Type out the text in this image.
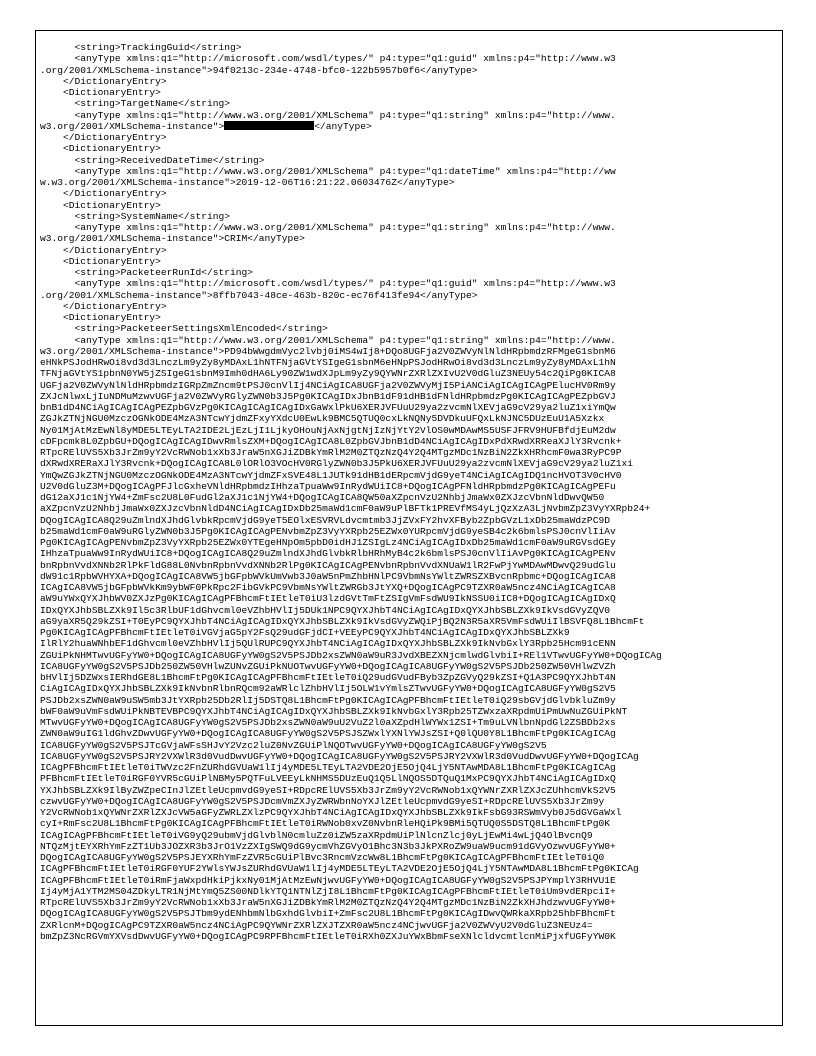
<string>TrackingGuid</string>
<anyType xmlns:q1="http://microsoft.com/wsdl/types/" p4:type="q1:guid" xmlns:p4="http://www.w3
.org/2001/XMLSchema-instance">94f0213c-234e-4748-bfc0-122b5957b0f6</anyType>
</DictionaryEntry>
<DictionaryEntry>
<string>TargetName</string>
<anyType xmlns:q1="http://www.w3.org/2001/XMLSchema" p4:type="q1:string" xmlns:p4="http://www.
w3.org/2001/XMLSchema-instance">	</anyType>
</DictionaryEntry>
<DictionaryEntry>
<string>ReceivedDateTime</string>
<anyType xmlns:q1="http://www.w3.org/2001/XMLSchema" p4:type="q1:dateTime" xmlns:p4="http://ww
w.w3.org/2001/XMLSchema-instance">2019-12-06T16:21:22.0603476Z</anyType>
</DictionaryEntry>
<DictionaryEntry>
<string>SystemName</string>
<anyType xmlns:q1="http://www.w3.org/2001/XMLSchema" p4:type="q1:string" xmlns:p4="http://www.
w3.org/2001/XMLSchema-instance">CRIM</anyType>
</DictionaryEntry>
<DictionaryEntry>
<string>PacketeerRunId</string>
<anyType xmlns:q1="http://microsoft.com/wsdl/types/" p4:type="q1:guid" xmlns:p4="http://www.w3
.org/2001/XMLSchema-instance">8ffb7043-48ce-463b-820c-ec76f413fe94</anyType>
</DictionaryEntry>
<DictionaryEntry>
<string>PacketeerSettingsXmlEncoded</string>
<anyType xmlns:q1="http://www.w3.org/2001/XMLSchema" p4:type="q1:string" xmlns:p4="http://www.
w3.org/2001/XMLSchema-instance">PD94bWwgdmVyc2lvbj0iMS4wIj8+DQo8UGFja2V0ZWVyNlNldHRpbmdzRFMgeG1sbnM6
eHNkPSJodHRwOi8vd3d3LnczLm9yZy8yMDAxL1hNTFNjaGVtYSIgeG1sbnM6eHNpPSJodHRwOi8vd3d3LnczLm9yZy8yMDAxL1hN
TFNjaGVtYS1pbnN0YW5jZSIgeG1sbnM9Imh0dHA6Ly90ZW1wdXJpLm9yZy9QYWNrZXRlZXIvU2V0dGluZ3NEUy54c2QiPg0KICA8
UGFja2V0ZWVyNlNldHRpbmdzIGRpZmZncm9tPSJ0cnVlIj4NCiAgICA8UGFja2V0ZWVyMjI5PiANCiAgICAgICAgPElucHV0Rm9y
ZXJcNlwxLjIuNDMuMzwvUGFja2V0ZWVyRGlyZWN0b3J5Pg0KICAgIDxJbnB1dF91dHB1dFNldHRpbmdzPg0KICAgICAgPEZpbGVJ
bnB1dD4NCiAgICAgICAgPEZpbGVzPg0KICAgICAgICAgIDxGaWxlPkU6XERJVFUuU29ya2zvcmNlXEVjaG9cV29ya2luZ1xiYmQw
ZGJkZTNjNGU0MzczOGNkODE4MzA3NTcwYjdmZFxyYXdcU0EwLk9BMC5QTUQ0cxLkNQNy5DVDkuUFQxLkNJNC5DUzEuU1A5Xzkx
Ny01MjAtMzEwNl8yMDE5LTEyLTA2IDE2LjEzLjI1LjkyOHouNjAxNjgtNjIzNjYtY2VlOS0wMDAwMS5USFJFRV9HUFBfdjEuM2dw
cDFpcmk8L0ZpbGU+DQogICAgICAgIDwvRmlsZXM+DQogICAgICA8L0ZpbGVJbnB1dD4NCiAgICAgIDxPdXRwdXRReaXJlY3Rvcnk+
RTpcRElUVS5Xb3JrZm9yY2VcRWNob1xXb3JraW5nXGJiZDBkYmRlM2M0ZTQzNzQ4Y2Q4MTgzMDc1NzBiN2ZkXHRhcmF0wa3RyPC9P
dXRwdXRERaXJlY3Rvcnk+DQogICAgICA8L0lORlO3VOcHV0RGlyZWN0b3J5PkU6XERJVFUuU29ya2zvcmNlXEVjaG9cV29ya2luZ1xi
YmQwZGJkZTNjNGU0MzczOGNkODE4MzA3NTcwYjdmZFxSVE48L1JUTk91dHB1dERpcmVjdG9yeT4NCiAgICAgIDQ1ncHVOT3V0cHV0
U2V0dGluZ3M+DQogICAgPFJlcGxheVNldHRpbmdzIHhzaTpuaWw9InRydWUiIC8+DQogICAgPFNldHRpbmdzPg0KICAgICAgPEFu
dG12aXJ1c1NjYW4+ZmFsc2U8L0FudGl2aXJ1c1NjYW4+DQogICAgICA8QW50aXZpcnVzU2NhbjJmaWx0ZXJzcVbnNldDwvQW50
aXZpcnVzU2NhbjJmaWx0ZXJzcVbnNldD4NCiAgICAgIDxDb25maWd1cmF0aW9uPlBFTk1PREVfMS4yLjQzXzA3LjNvbmZpZ3VyYXRpb24+
DQogICAgICA8Q29uZmlndXJhdGlvbkRpcmVjdG9yeT5EOlxESVRVLdvcmtmb3JjZVxFY2hvXFByb2ZpbGVzL1xDb25maWdzPC9D
b25maWd1cmF0aW9uRGlyZWN0b3J5Pg0KICAgICAgPENvbmZpZ3VyYXRpb25EZWx0YURpcmVjdG9yeSB4c2k6bmlsPSJ0cnVlIiAv
Pg0KICAgICAgPENvbmZpZ3VyYXRpb25EZWx0YTEgeHNpOm5pbD0idHJ1ZSIgLz4NCiAgICAgIDxDb25maWd1cmF0aW9uRGVsdGEy
IHhzaTpuaWw9InRydWUiIC8+DQogICAgICA8Q29uZmlndXJhdGlvbkRlbHRhMyB4c2k6bmlsPSJ0cnVlIiAvPg0KICAgICAgPENv
bnRpbnVvdXNNb2RlPkFldG88L0NvbnRpbnVvdXNNb2RlPg0KICAgICAgPENvbnRpbnVvdXNUaW1lR2FwPjYwMDAwMDwvQ29udGlu
dW91c1RpbWVHYXA+DQogICAgICA8VW5jbGFpbWVkUmVwb3J0aW5nPmZhbHNlPC9VbmNsYWltZWRSZXBvcnRpbmc+DQogICAgICA8
ICAgICA8VW5jbGFpbWVkKm9ybWF0PkRpc2FibGVkPC9VbmNsYWltZWRGb3JtYXQ+DQogICAgPC9TZXR0aW5ncz4NCiAgICAgICA8
aW9uYWxQYXJhbWV0ZXJzPg0KICAgICAgPFBhcmFtIEtleT0iU3lzdGVtTmFtZSIgVmFsdWU9IkNSSU0iIC8+DQogICAgICAgIDxQ
IDxQYXJhbSBLZXk9Il5c3RlbUF1dGhvcml0eVZhbHVlIj5DUk1NPC9QYXJhbT4NCiAgICAgIDxQYXJhbSBLZXk9IkVsdGVyZQV0
aG9yaXR5Q29kZSI+T0EyPC9QYXJhbT4NCiAgICAgIDxQYXJhbSBLZXk9IkVsdGVyZWQiPjBQ2N3R5aXR5VmFsdWUiIlBSVFQ8L1BhcmFt
Pg0KICAgICAgPFBhcmFtIEtleT0iVGVjaG5pY2FsQ29udGFjdCI+VEEyPC9QYXJhbT4NCiAgICAgIDxQYXJhbSBLZXk9
IlRlY2huaWNhbEF1dGhvcml0eVZhbHVlIj5QUlRUPC9QYXJhbT4NCiAgICAgIDxQYXJhbSBLZXk9IkNvbGxlY3Rpb25Hcm91cENN
ZGUiPkNHMTwvUGFyYW0+DQogICAgICA8UGFyYW0gS2V5PSJDb2xsZWN0aW9uR3JvdXBEZXNjcmlwdGlvbiI+REl1VTwvUGFyYW0+DQogICAg
ICA8UGFyYW0gS2V5PSJDb250ZW50VHlwZUNvZGUiPkNUOTwvUGFyYW0+DQogICAgICA8UGFyYW0gS2V5PSJDb250ZW50VHlwZVZh
bHVlIj5DZWxsIERhdGE8L1BhcmFtPg0KICAgICAgPFBhcmFtIEtleT0iQ29udGVudFByb3ZpZGVyQ29kZSI+Q1A3PC9QYXJhbT4N
CiAgICAgIDxQYXJhbSBLZXk9IkNvbnRlbnRQcm92aWRlclZhbHVlIj5OLW1vYmlsZTwvUGFyYW0+DQogICAgICA8UGFyYW0gS2V5
PSJDb2xsZWN0aW9uSW5mb3JtYXRpb25Db2RlIj5DSTQ8L1BhcmFtPg0KICAgICAgPFBhcmFtIEtleT0iQ29sbGVjdGlvbkluZm9y
bWF0aW9uVmFsdWUiPkNBTEVBPC9QYXJhbT4NCiAgICAgIDxQYXJhbSBLZXk9IkNvbGxlY3Rpb25TZWxzaXRpdmUiPmUwNuZGUiPkNT
MTwvUGFyYW0+DQogICAgICA8UGFyYW0gS2V5PSJDb2xsZWN0aW9uU2VuZ2l0aXZpdHlWYWx1ZSI+Tm9uLVNlbnNpdGl2ZSBDb2xs
ZWN0aW9uIG1ldGhvZDwvUGFyYW0+DQogICAgICA8UGFyYW0gS2V5PSJSZWxlYXNlYWJsZSI+Q0lQU0Y8L1BhcmFtPg0KICAgICAg
ICA8UGFyYW0gS2V5PSJTcGVjaWFsSHJvY2Vzc2luZ0NvZGUiPlNQOTwvUGFyYW0+DQogICAgICA8UGFyYW0gS2V5
ICA8UGFyYW0gS2V5PSJRY2VXWlR3d0VudDwvUGFyYW0+DQogICAgICA8UGFyYW0gS2V5PSJRY2VXWlR3d0VudDwvUGFyYW0+DQogICAg
ICAgPFBhcmFtIEtleT0iTWVzc2FnZURhdGVUaW1lIj4yMDE5LTEyLTA2VDE2OjE5OjQ4LjY5NTAwMDA8L1BhcmFtPg0KICAgICAg
PFBhcmFtIEtleT0iRGF0YVR5cGUiPlNBMy5PQTFuLVEEyLkNHMS5DUzEuQ1Q5LlNQOS5DTQuQ1MxPC9QYXJhbT4NCiAgICAgIDxQ
YXJhbSBLZXk9IlByZWZpeCInJlZEtleUcpmvdG9yeSI+RDpcRElUVS5Xb3JrZm9yY2VcRWNob1xQYWNrZXRlZXJcZUhhcmVkS2V5
czwvUGFyYW0+DQogICAgICA8UGFyYW0gS2V5PSJDcmVmZXJyZWRWbnNoYXJlZEtleUcpmvdG9yeSI+RDpcRElUVS5Xb3JrZm9y
Y2VcRWNob1xQYWNrZXRlZXJcVW5aGFyZWRLZXlzPC9QYXJhbT4NCiAgICAgIDxQYXJhbSBLZXk9IkFsbG93RSWmVyb0J5dGVGaWxl
cyI+RmFsc2U8L1BhcmFtPg0KICAgICAgPFBhcmFtIEtleT0iRWNob0xvZ0NvbnRleHQiPk9BMi5QTUQ0S5DSTQ8L1BhcmFtPg0K
ICAgICAgPFBhcmFtIEtleT0iVG9yQ29ubmVjdGlvblN0cmluZz0iZW5zaXRpdmUiPlNlcnZlcj0yLjEwMi4wLjQ4OlBvcnQ9
NTQzMjtEYXRhYmFzZT1Ub3JOZXR3b3JrO1VzZXIgSWQ9dG9ycmVhZGVyO1Bhc3N3b3JkPXRoZW9uaW9ucm91dGVyOzwvUGFyYW0+
DQogICAgICA8UGFyYW0gS2V5PSJEYXRhYmFzZVR5cGUiPlBvc3RncmVzcWw8L1BhcmFtPg0KICAgICAgPFBhcmFtIEtleT0iQ0
ICAgPFBhcmFtIEtleT0iRGF0YUF2YWlsYWJsZURhdGVUaW1lIj4yMDE5LTEyLTA2VDE2OjE5OjQ4LjY5NTAwMDA8L1BhcmFtPg0KICAg
ICAgPFBhcmFtIEtleT0iRmFjaWxpdHkiPjkxNy01MjAtMzEwNjwvUGFyYW0+DQogICAgICA8UGFyYW0gS2V5PSJPYmplY3RHVU1E
Ij4yMjA1YTM2MS04ZDkyLTR1NjMtYmQ5ZS00NDlkYTQ1NTNlZjI8L1BhcmFtPg0KICAgICAgPFBhcmFtIEtleT0iUm9vdERpciI+
RTpcRElUVS5Xb3JrZm9yY2VcRWNob1xXb3JraW5nXGJiZDBkYmRlM2M0ZTQzNzQ4Y2Q4MTgzMDc1NzBiN2ZkXHJhdzwvUGFyYW0+
DQogICAgICA8UGFyYW0gS2V5PSJTbm9ydENhbmNlbGxhdGlvbiI+ZmFsc2U8L1BhcmFtPg0KICAgIDwvQWRkaXRpb25hbFBhcmFt
ZXRlcnM+DQogICAgPC9TZXR0aW5ncz4NCiAgPC9QYWNrZXRlZXJTZXR0aW5ncz4NCjwvUGFja2V0ZWVyU2V0dGluZ3NEUz4=
bmZpZ3NcRGVmYXVsdDwvUGFyYW0+DQogICAgPC9RPFBhcmFtIEtleT0iRXh0ZXJuYWxBbmFseXNlcldvcmtlcnMiPjxfUGFyYW0K
